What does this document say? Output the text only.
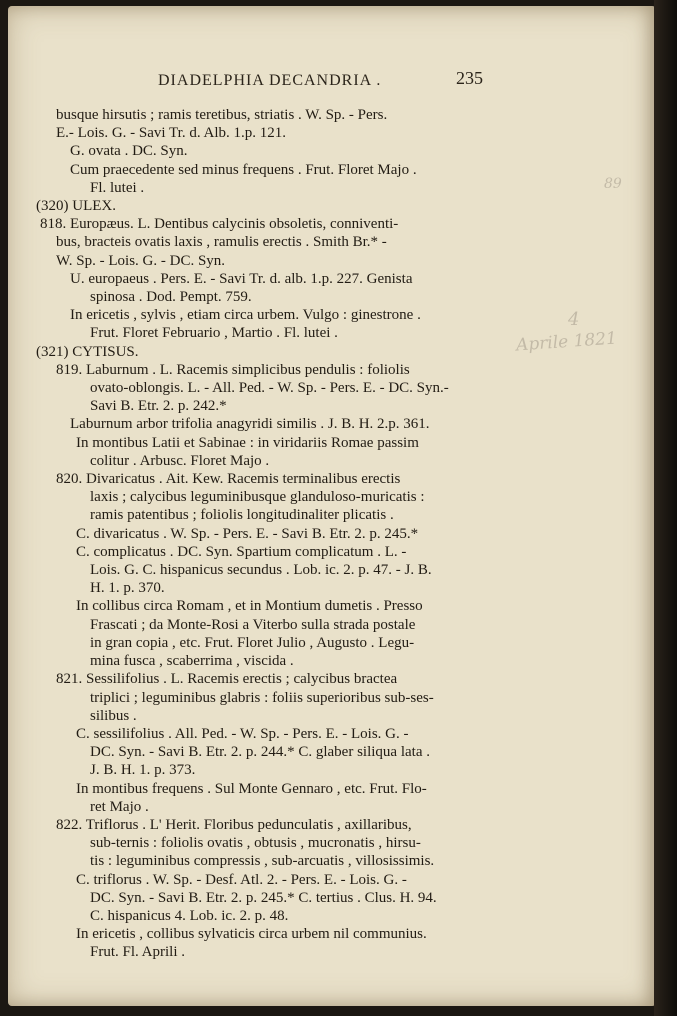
DIADELPHIA DECANDRIA .	235
busque hirsutis ; ramis teretibus, striatis . W. Sp. - Pers.
E.- Lois. G. - Savi Tr. d. Alb. 1.p. 121.
G. ovata . DC. Syn.
Cum praecedente sed minus frequens . Frut. Floret Majo .
Fl. lutei .
(320) ULEX.
818. Europæus. L. Dentibus calycinis obsoletis, conniventi-
bus, bracteis ovatis laxis , ramulis erectis . Smith Br.* -
W. Sp. - Lois. G. - DC. Syn.
U. europaeus . Pers. E. - Savi Tr. d. alb. 1.p. 227. Genista
spinosa . Dod. Pempt. 759.
In ericetis , sylvis , etiam circa urbem. Vulgo : ginestrone .
Frut. Floret Februario , Martio . Fl. lutei .
(321) CYTISUS.
819. Laburnum . L. Racemis simplicibus pendulis : foliolis
ovato-oblongis. L. - All. Ped. - W. Sp. - Pers. E. - DC. Syn.-
Savi B. Etr. 2. p. 242.*
Laburnum arbor trifolia anagyridi similis . J. B. H. 2.p. 361.
In montibus Latii et Sabinae : in viridariis Romae passim
colitur . Arbusc. Floret Majo .
820. Divaricatus . Ait. Kew. Racemis terminalibus erectis
laxis ; calycibus leguminibusque glanduloso-muricatis :
ramis patentibus ; foliolis longitudinaliter plicatis .
C. divaricatus . W. Sp. - Pers. E. - Savi B. Etr. 2. p. 245.*
C. complicatus . DC. Syn. Spartium complicatum . L. -
Lois. G. C. hispanicus secundus . Lob. ic. 2. p. 47. - J. B.
H. 1. p. 370.
In collibus circa Romam , et in Montium dumetis . Presso
Frascati ; da Monte-Rosi a Viterbo sulla strada postale
in gran copia , etc. Frut. Floret Julio , Augusto . Legu-
mina fusca , scaberrima , viscida .
821. Sessilifolius . L. Racemis erectis ; calycibus bractea
triplici ; leguminibus glabris : foliis superioribus sub-ses-
silibus .
C. sessilifolius . All. Ped. - W. Sp. - Pers. E. - Lois. G. -
DC. Syn. - Savi B. Etr. 2. p. 244.* C. glaber siliqua lata .
J. B. H. 1. p. 373.
In montibus frequens . Sul Monte Gennaro , etc. Frut. Flo-
ret Majo .
822. Triflorus . L' Herit. Floribus pedunculatis , axillaribus,
sub-ternis : foliolis ovatis , obtusis , mucronatis , hirsu-
tis : leguminibus compressis , sub-arcuatis , villosissimis.
C. triflorus . W. Sp. - Desf. Atl. 2. - Pers. E. - Lois. G. -
DC. Syn. - Savi B. Etr. 2. p. 245.* C. tertius . Clus. H. 94.
C. hispanicus 4. Lob. ic. 2. p. 48.
In ericetis , collibus sylvaticis circa urbem nil communius.
Frut. Fl. Aprili .
4
Aprile 1821
89
